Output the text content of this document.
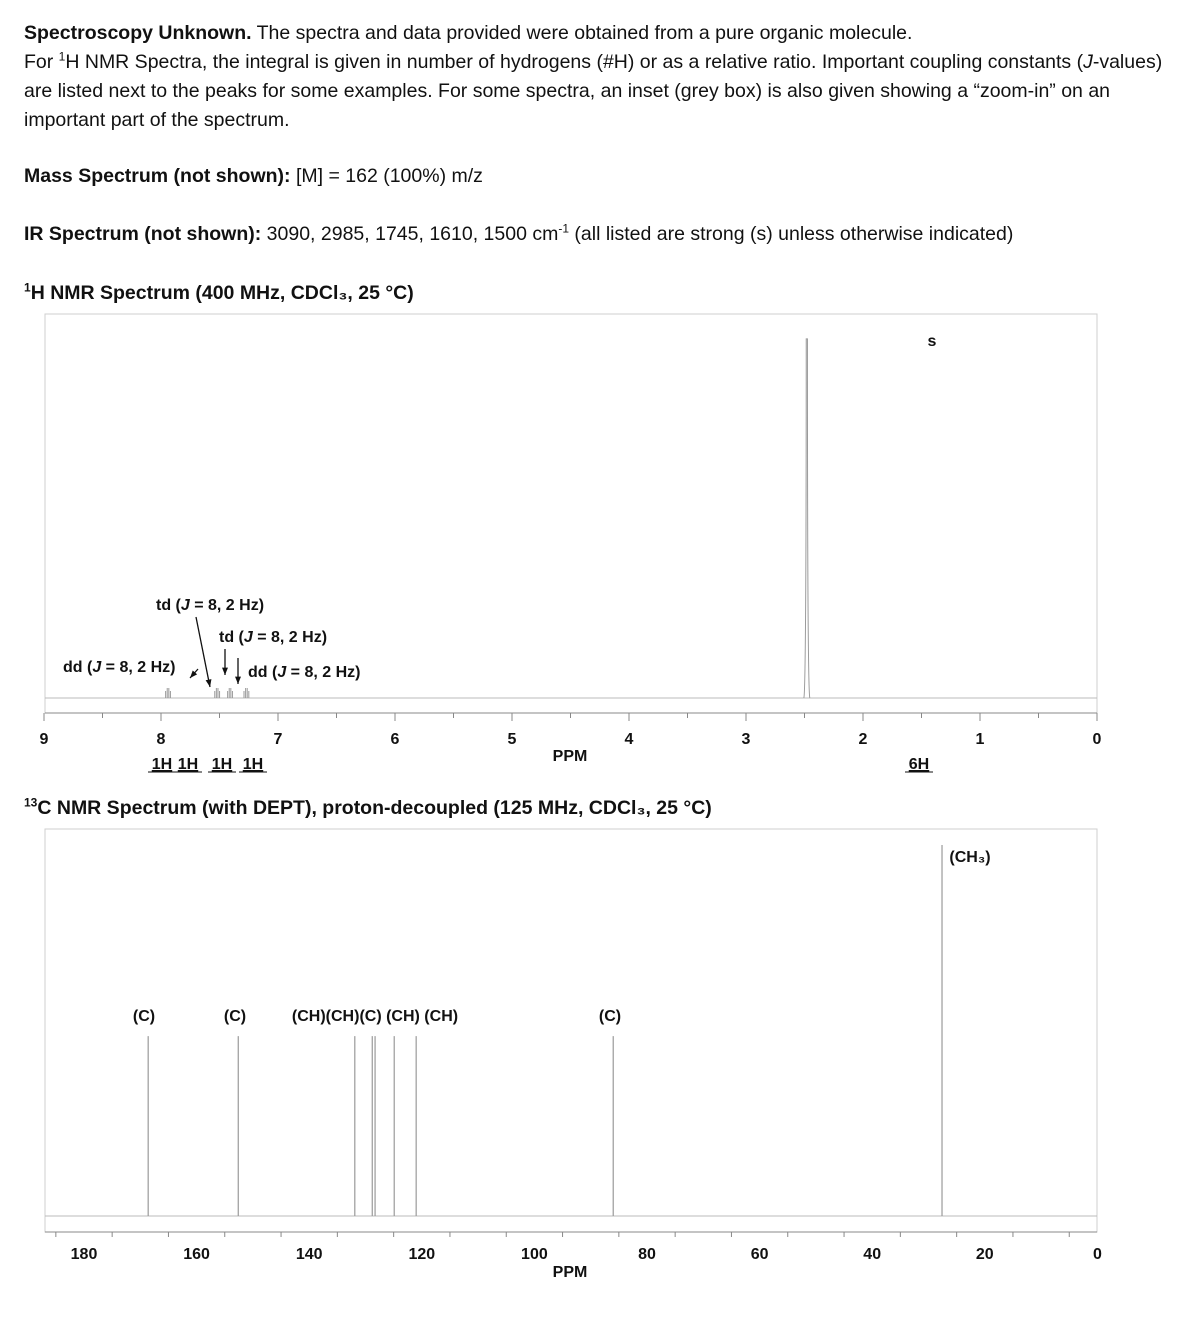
Spectroscopy Unknown. The spectra and data provided were obtained from a pure organic molecule.
For $^1$H NMR Spectra, the integral is given in number of hydrogens (#H) or as a relative ratio. Important coupling constants (J-values) are listed next to the peaks for some examples. For some spectra, an inset (grey box) is also given showing a “zoom-in” on an important part of the spectrum.
Mass Spectrum (not shown): [M] = 162 (100%) m/z
IR Spectrum (not shown): 3090, 2985, 1745, 1610, 1500 $cm^{-1}$ (all listed are strong (s) unless otherwise indicated)
$^1$H NMR Spectrum (400 MHz, CDCl₃, 25 °C)
9	8	7	6	5	4	3	2	1	0
PPM
td (J = 8, 2 Hz)
td (J = 8, 2 Hz)
dd (J = 8, 2 Hz)	dd (J = 8, 2 Hz)
s
1H 1H 1H 1H	6H
$^{13}$C NMR Spectrum (with DEPT), proton-decoupled (125 MHz, CDCl₃, 25 °C)
180	160	140	120	100	80	60	40	20	0
PPM
(C)	(C)	(CH)(CH)(C) (CH) (CH)	(C)
(CH₃)
